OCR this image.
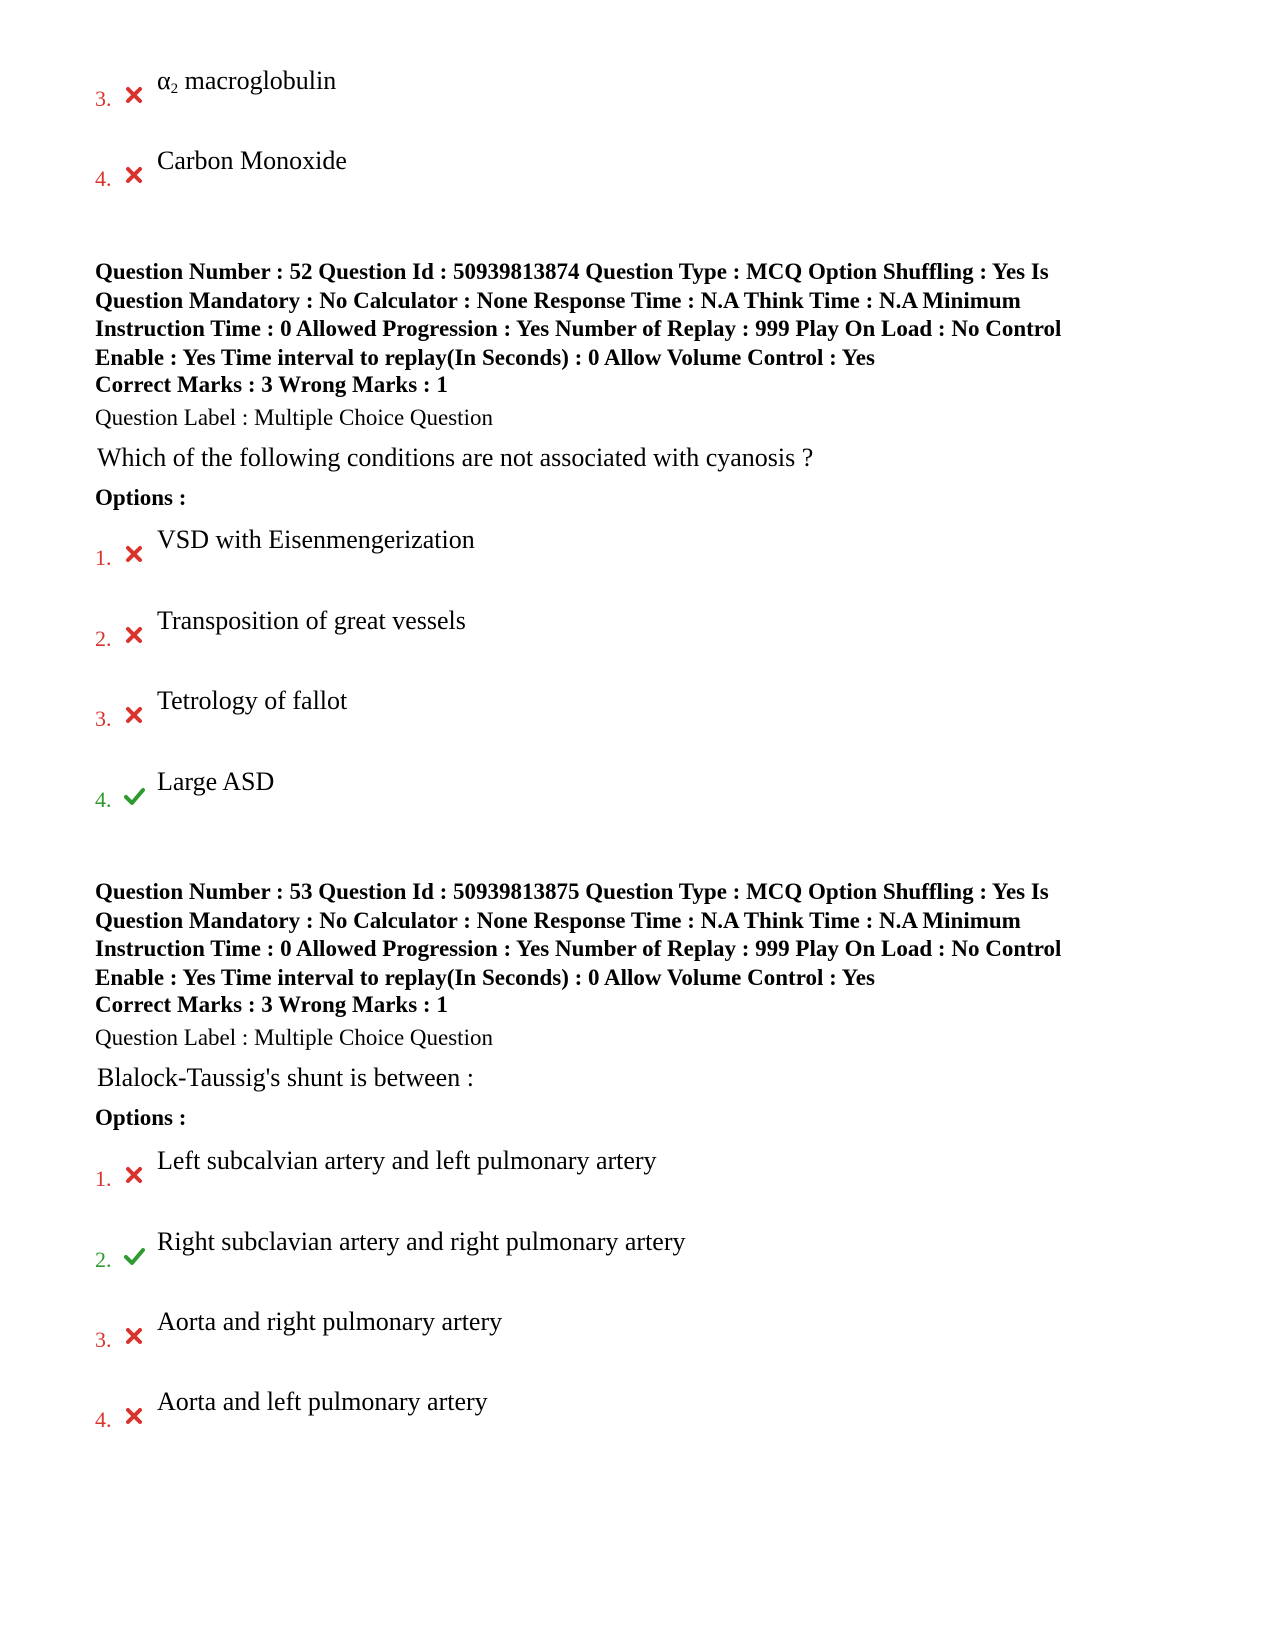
3.
$\alpha_2$ macroglobulin
4.
Carbon Monoxide
Question Number : 52 Question Id : 50939813874 Question Type : MCQ Option Shuffling : Yes Is
Question Mandatory : No Calculator : None Response Time : N.A Think Time : N.A Minimum
Instruction Time : 0 Allowed Progression : Yes Number of Replay : 999 Play On Load : No Control
Enable : Yes Time interval to replay(In Seconds) : 0 Allow Volume Control : Yes
Correct Marks : 3 Wrong Marks : 1
Question Label : Multiple Choice Question
Which of the following conditions are not associated with cyanosis ?
Options :
1.
VSD with Eisenmengerization
2.
Transposition of great vessels
3.
Tetrology of fallot
4.
Large ASD
Question Number : 53 Question Id : 50939813875 Question Type : MCQ Option Shuffling : Yes Is
Question Mandatory : No Calculator : None Response Time : N.A Think Time : N.A Minimum
Instruction Time : 0 Allowed Progression : Yes Number of Replay : 999 Play On Load : No Control
Enable : Yes Time interval to replay(In Seconds) : 0 Allow Volume Control : Yes
Correct Marks : 3 Wrong Marks : 1
Question Label : Multiple Choice Question
Blalock-Taussig's shunt is between :
Options :
1.
Left subcalvian artery and left pulmonary artery
2.
Right subclavian artery and right pulmonary artery
3.
Aorta and right pulmonary artery
4.
Aorta and left pulmonary artery
